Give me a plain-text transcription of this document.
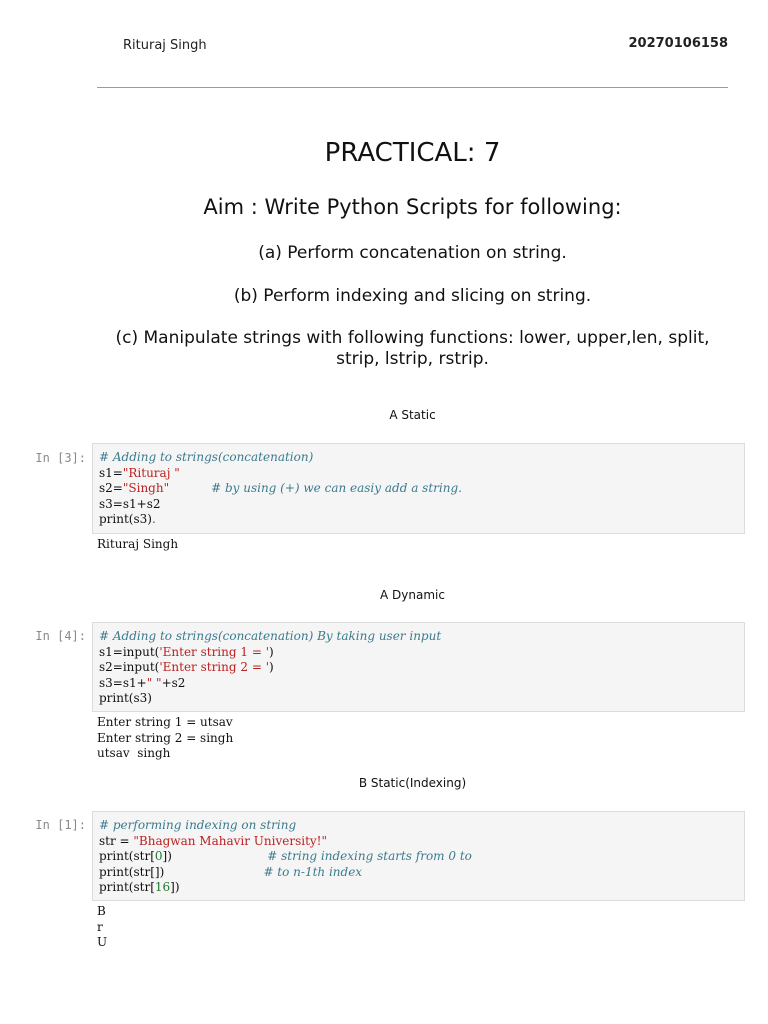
Rituraj Singh	20270106158
PRACTICAL: 7
Aim : Write Python Scripts for following:
(a) Perform concatenation on string.
(b) Perform indexing and slicing on string.
(c) Manipulate strings with following functions: lower, upper,len, split, strip, lstrip, rstrip.
A Static
In [3]:	# Adding to strings(concatenation)
s1="Rituraj "
s2="Singh"	# by using (+) we can easiy add a string.
s3=s1+s2
print(s3).
Rituraj Singh
A Dynamic
In [4]:	# Adding to strings(concatenation) By taking user input
s1=input('Enter string 1 = ')
s2=input('Enter string 2 = ')
s3=s1+" "+s2
print(s3)
Enter string 1 = utsav
Enter string 2 = singh
utsav  singh
B Static(Indexing)
In [1]:	# performing indexing on string
str = "Bhagwan Mahavir University!"
print(str[0])	# string indexing starts from 0 to
print(str[])	# to n-1th index
print(str[16])
B
r
U
